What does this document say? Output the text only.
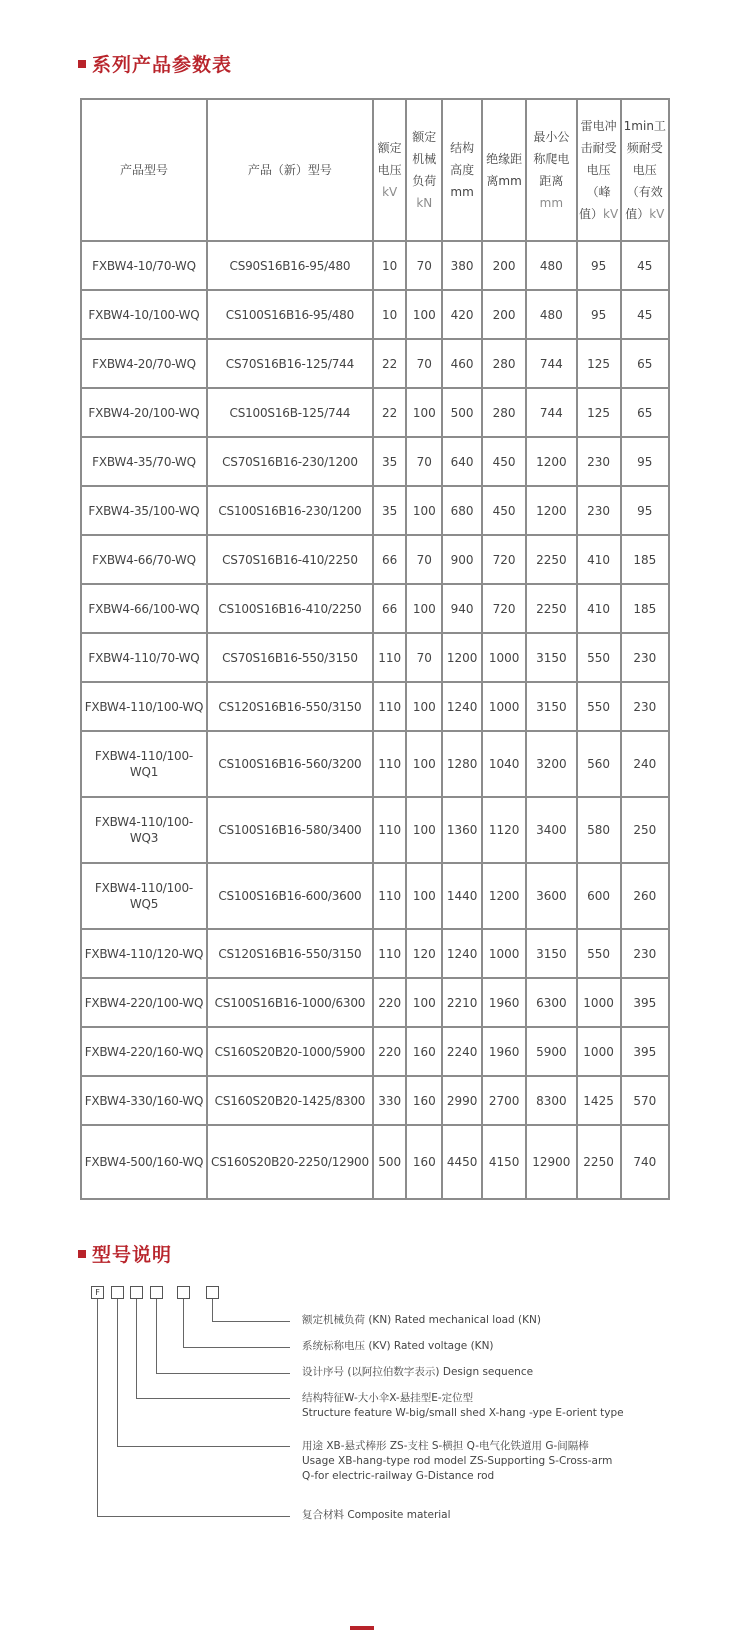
系列产品参数表
产品型号	产品（新）型号	额定电压kV	额定机械负荷kN	结构高度mm	绝缘距离mm	最小公称爬电距离mm	雷电冲击耐受电压（峰值）kV	1min工频耐受电压（有效值）kV
FXBW4-10/70-WQ	CS90S16B16-95/480	10	70	380	200	480	95	45
FXBW4-10/100-WQ	CS100S16B16-95/480	10	100	420	200	480	95	45
FXBW4-20/70-WQ	CS70S16B16-125/744	22	70	460	280	744	125	65
FXBW4-20/100-WQ	CS100S16B-125/744	22	100	500	280	744	125	65
FXBW4-35/70-WQ	CS70S16B16-230/1200	35	70	640	450	1200	230	95
FXBW4-35/100-WQ	CS100S16B16-230/1200	35	100	680	450	1200	230	95
FXBW4-66/70-WQ	CS70S16B16-410/2250	66	70	900	720	2250	410	185
FXBW4-66/100-WQ	CS100S16B16-410/2250	66	100	940	720	2250	410	185
FXBW4-110/70-WQ	CS70S16B16-550/3150	110	70	1200	1000	3150	550	230
FXBW4-110/100-WQ	CS120S16B16-550/3150	110	100	1240	1000	3150	550	230
FXBW4-110/100-WQ1	CS100S16B16-560/3200	110	100	1280	1040	3200	560	240
FXBW4-110/100-WQ3	CS100S16B16-580/3400	110	100	1360	1120	3400	580	250
FXBW4-110/100-WQ5	CS100S16B16-600/3600	110	100	1440	1200	3600	600	260
FXBW4-110/120-WQ	CS120S16B16-550/3150	110	120	1240	1000	3150	550	230
FXBW4-220/100-WQ	CS100S16B16-1000/6300	220	100	2210	1960	6300	1000	395
FXBW4-220/160-WQ	CS160S20B20-1000/5900	220	160	2240	1960	5900	1000	395
FXBW4-330/160-WQ	CS160S20B20-1425/8300	330	160	2990	2700	8300	1425	570
FXBW4-500/160-WQ	CS160S20B20-2250/12900	500	160	4450	4150	12900	2250	740
型号说明
F
额定机械负荷 (KN) Rated mechanical load (KN)
系统标称电压 (KV) Rated voltage (KN)
设计序号 (以阿拉伯数字表示) Design sequence
结构特征W-大小伞X-悬挂型E-定位型
Structure feature W-big/small shed X-hang -ype E-orient type
用途 XB-悬式棒形 ZS-支柱 S-横担 Q-电气化铁道用 G-间隔棒
Usage XB-hang-type rod model ZS-Supporting S-Cross-arm
Q-for electric-railway G-Distance rod
复合材料 Composite material
